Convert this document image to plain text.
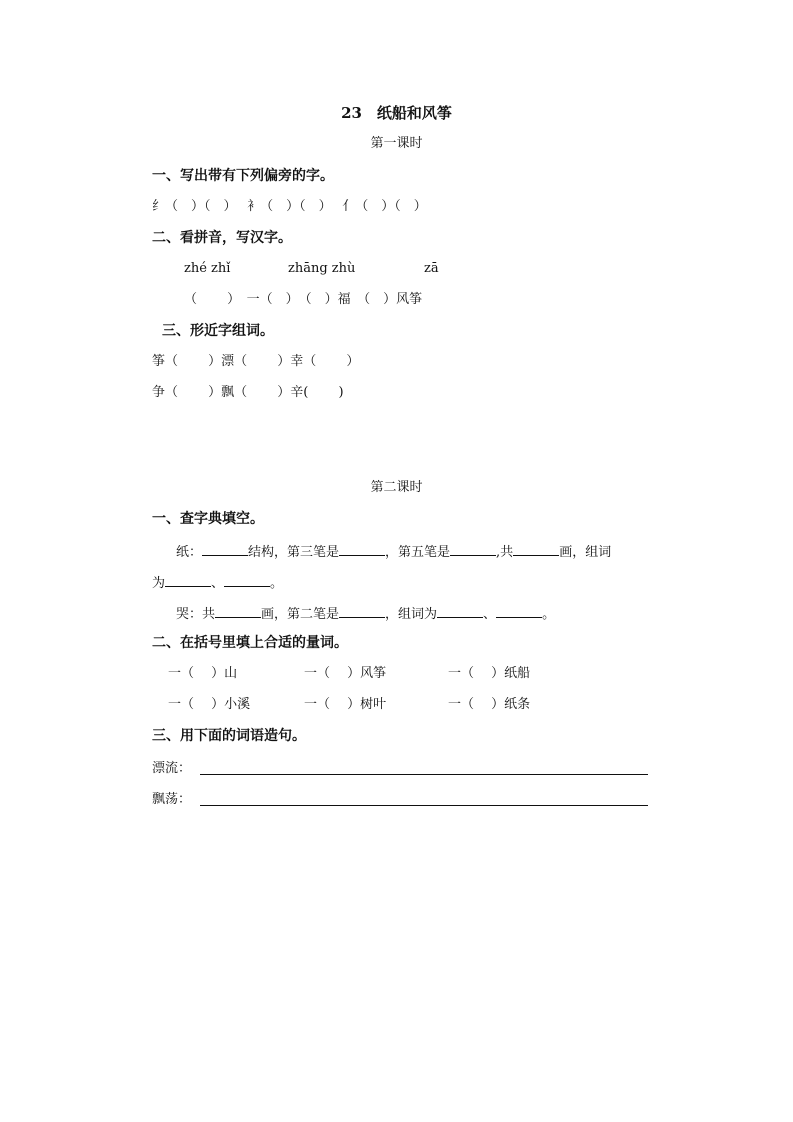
23　纸船和风筝
第一课时
一、写出带有下列偏旁的字。
纟（　）（　）　 衤（　）（　）　 亻（　）（　）
二、看拼音，写汉字。
zhé zhǐ	zhāng zhù	zā
（　　 ）　一（　）　（　）福　（　）风筝
三、形近字组词。
筝（　　 ）漂（　　 ）幸（　　 ）
争（　　 ）飘（　　 ）辛(　　 )
第二课时
一、查字典填空。
纸：	结构，第三笔是	，第五笔是	,共	画，组词
为	、	。
哭：共	画，第二笔是	，组词为	、	。
二、在括号里填上合适的量词。
一（　 ）山	一（　 ）风筝	一（　 ）纸船
一（　 ）小溪	一（　 ）树叶	一（　 ）纸条
三、用下面的词语造句。
漂流：
飘荡：
